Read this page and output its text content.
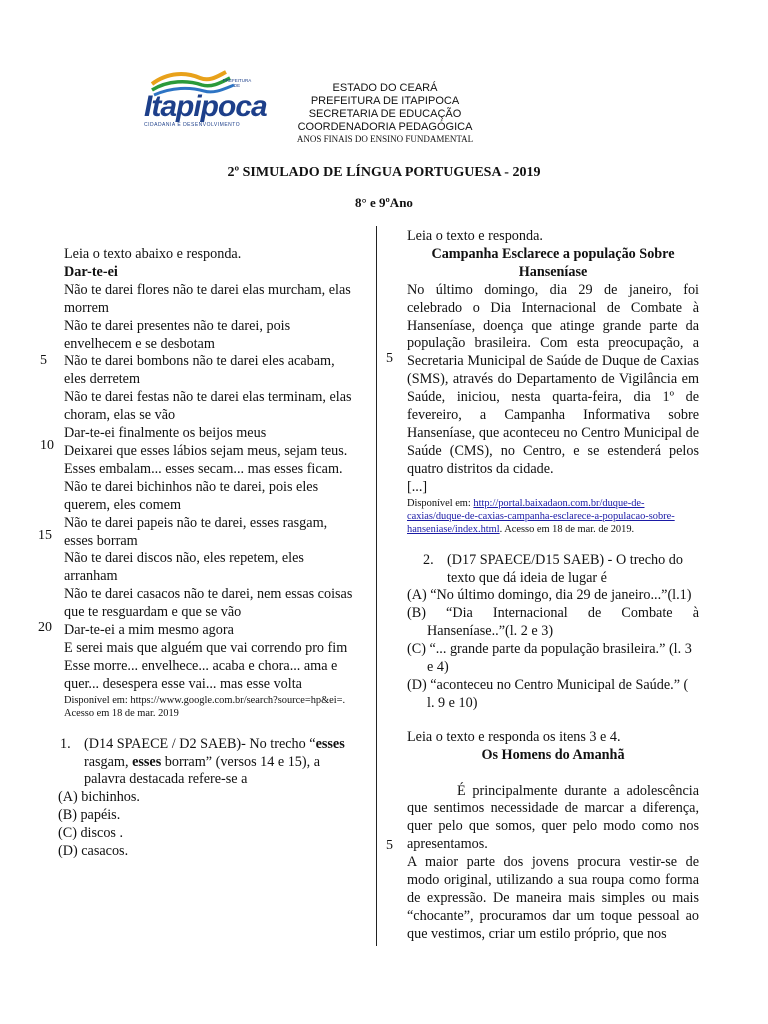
PREFEITURA DE
Itapipoca
CIDADANIA E DESENVOLVIMENTO
ESTADO DO CEARÁ
PREFEITURA DE ITAPIPOCA
SECRETARIA DE EDUCAÇÃO
COORDENADORIA PEDAGÓGICA
ANOS FINAIS DO ENSINO FUNDAMENTAL
2º SIMULADO DE LÍNGUA PORTUGUESA - 2019
8° e 9ºAno
5
10
15
20

Leia o texto abaixo e responda.

Dar-te-ei

Não te darei flores não te darei elas murcham, elas morrem

Não te darei presentes não te darei, pois envelhecem e se desbotam

Não te darei bombons não te darei eles acabam, eles derretem

Não te darei festas não te darei elas terminam, elas choram, elas se vão

Dar-te-ei finalmente os beijos meus

Deixarei que esses lábios sejam meus, sejam teus.

Esses embalam... esses secam... mas esses ficam.

Não te darei bichinhos não te darei, pois eles querem, eles comem

Não te darei papeis não te darei, esses rasgam, esses borram

Não te darei discos não, eles repetem, eles arranham

Não te darei casacos não te darei, nem essas coisas que te resguardam e que se vão

Dar-te-ei a mim mesmo agora

E serei mais que alguém que vai correndo pro fim

Esse morre... envelhece... acaba e chora... ama e quer... desespera esse vai... mas esse volta

Disponível em: https://www.google.com.br/search?source=hp&ei=. Acesso em 18 de mar. 2019

1. (D14 SPAECE / D2 SAEB)- No trecho “esses rasgam, esses borram” (versos 14 e 15), a palavra destacada refere-se a

(A) bichinhos.

(B) papéis.

(C) discos .

(D) casacos.

5
5

Leia o texto e responda.

Campanha Esclarece a população Sobre Hanseníase

No último domingo, dia 29 de janeiro, foi celebrado o Dia Internacional de Combate à Hanseníase, doença que atinge grande parte da população brasileira. Com esta preocupação, a Secretaria Municipal de Saúde de Duque de Caxias (SMS), através do Departamento de Vigilância em Saúde, iniciou, nesta quarta-feira, dia 1º de fevereiro, a Campanha Informativa sobre Hanseníase, que aconteceu no Centro Municipal de Saúde (CMS), no Centro, e se estenderá pelos quatro distritos da cidade.

[...]

Disponível em: http://portal.baixadaon.com.br/duque-de-caxias/duque-de-caxias-campanha-esclarece-a-populacao-sobre-hanseniase/index.html. Acesso em 18 de mar. de 2019.

2. (D17 SPAECE/D15 SAEB) - O trecho do texto que dá ideia de lugar é

(A) “No último domingo, dia 29 de janeiro...”(l.1)

(B) “Dia Internacional de Combate à Hanseníase..”(l. 2 e 3)

(C) “... grande parte da população brasileira.” (l. 3 e 4)

(D) “aconteceu no Centro Municipal de Saúde.” ( l. 9 e 10)

Leia o texto e responda os itens 3 e 4.

Os Homens do Amanhã

É principalmente durante a adolescência que sentimos necessidade de marcar a diferença, quer pelo que somos, quer pelo modo como nos apresentamos.

A maior parte dos jovens procura vestir-se de modo original, utilizando a sua roupa como forma de expressão. De maneira mais simples ou mais “chocante”, procuramos dar um toque pessoal ao que vestimos, criar um estilo próprio, que nos
